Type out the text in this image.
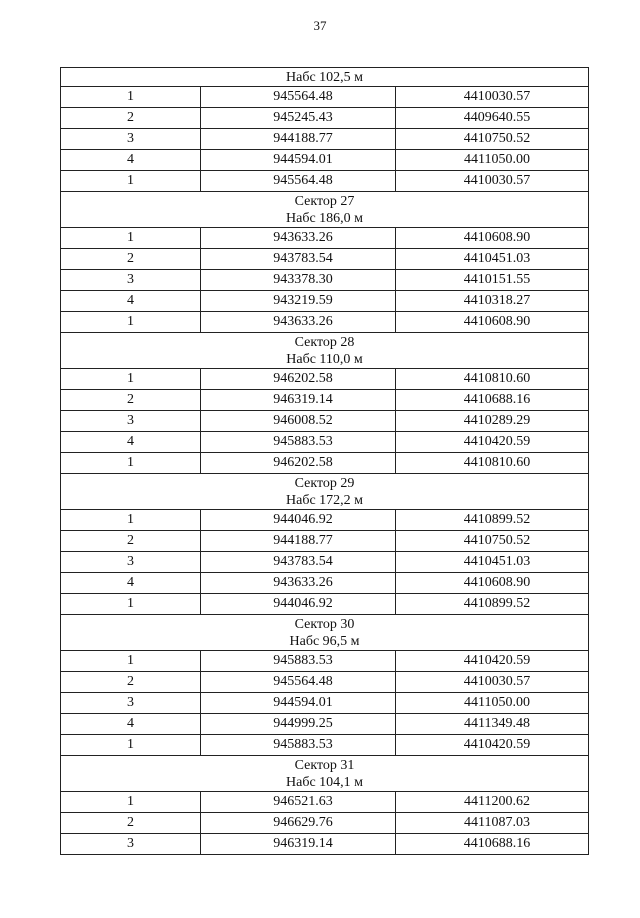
37
Набс 102,5 м		

1	945564.48	4410030.57
2	945245.43	4409640.55
3	944188.77	4410750.52
4	944594.01	4411050.00
1	945564.48	4410030.57

Сектор 27
Набс 186,0 м		

1	943633.26	4410608.90
2	943783.54	4410451.03
3	943378.30	4410151.55
4	943219.59	4410318.27
1	943633.26	4410608.90

Сектор 28
Набс 110,0 м		

1	946202.58	4410810.60
2	946319.14	4410688.16
3	946008.52	4410289.29
4	945883.53	4410420.59
1	946202.58	4410810.60

Сектор 29
Набс 172,2 м		

1	944046.92	4410899.52
2	944188.77	4410750.52
3	943783.54	4410451.03
4	943633.26	4410608.90
1	944046.92	4410899.52

Сектор 30
Набс 96,5 м		

1	945883.53	4410420.59
2	945564.48	4410030.57
3	944594.01	4411050.00
4	944999.25	4411349.48
1	945883.53	4410420.59

Сектор 31
Набс 104,1 м		

1	946521.63	4411200.62
2	946629.76	4411087.03
3	946319.14	4410688.16
